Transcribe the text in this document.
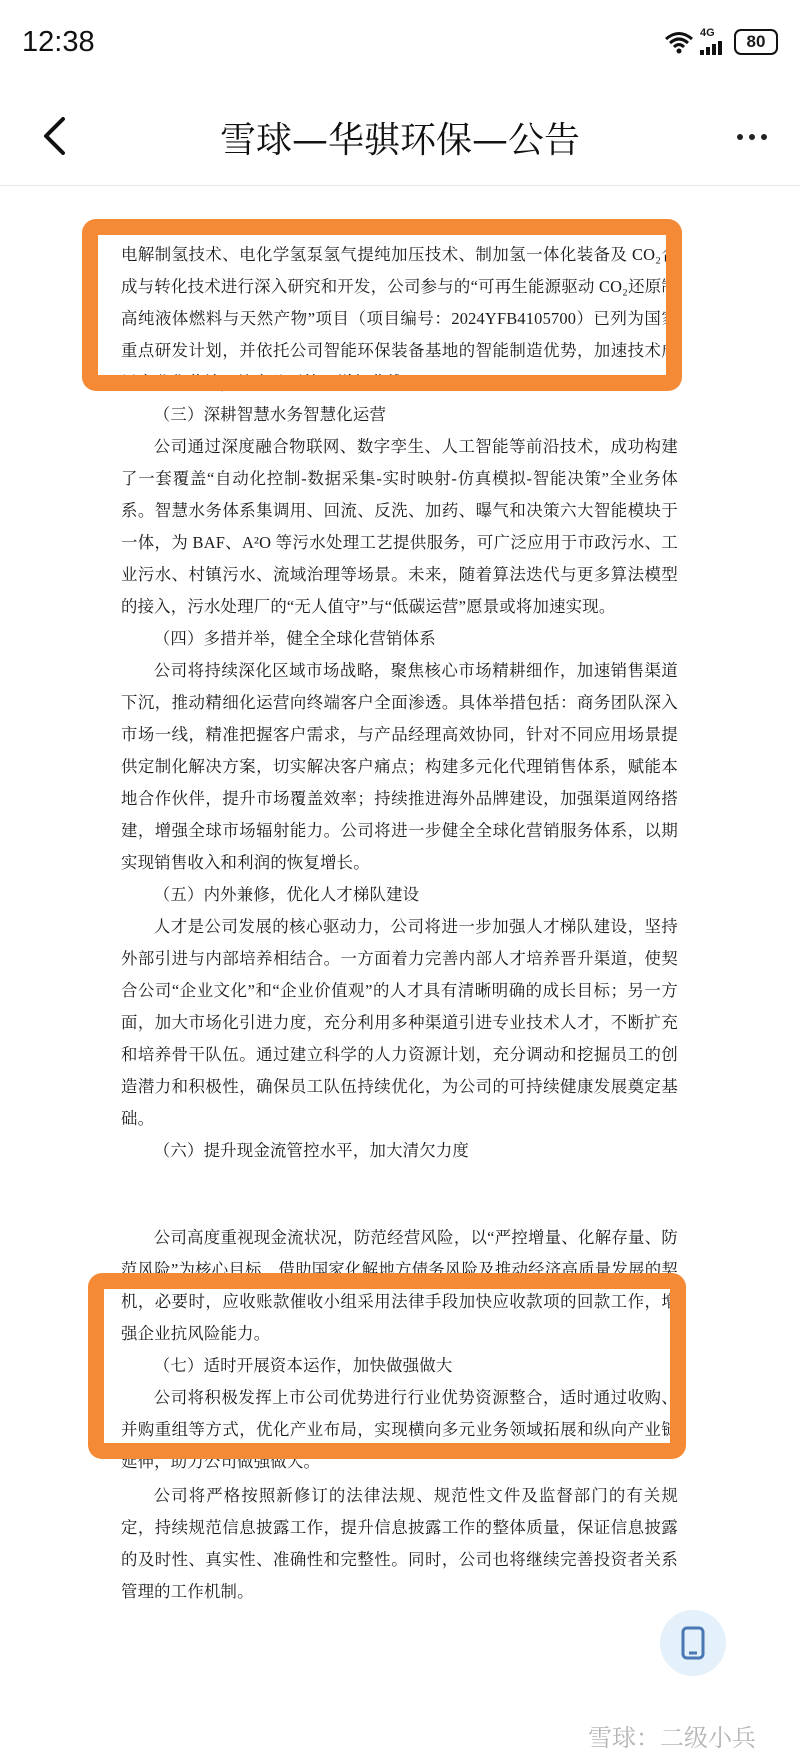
12:38	4G 80
雪球—华骐环保—公告

电解制氢技术、电化学氢泵氢气提纯加压技术、制加氢一体化装备及 CO₂合成与转化技术进行深入研究和开发，公司参与的“可再生能源驱动 CO₂还原制高纯液体燃料与天然产物”项目（项目编号：2024YFB4105700）已列为国家重点研发计划，并依托公司智能环保装备基地的智能制造优势，加速技术成果产业化落地，培育公司第二增长曲线。

（三）深耕智慧水务智慧化运营

公司通过深度融合物联网、数字孪生、人工智能等前沿技术，成功构建了一套覆盖“自动化控制-数据采集-实时映射-仿真模拟-智能决策”全业务体系。智慧水务体系集调用、回流、反洗、加药、曝气和决策六大智能模块于一体，为 BAF、A²O 等污水处理工艺提供服务，可广泛应用于市政污水、工业污水、村镇污水、流域治理等场景。未来，随着算法迭代与更多算法模型的接入，污水处理厂的“无人值守”与“低碳运营”愿景或将加速实现。

（四）多措并举，健全全球化营销体系

公司将持续深化区域市场战略，聚焦核心市场精耕细作，加速销售渠道下沉，推动精细化运营向终端客户全面渗透。具体举措包括：商务团队深入市场一线，精准把握客户需求，与产品经理高效协同，针对不同应用场景提供定制化解决方案，切实解决客户痛点；构建多元化代理销售体系，赋能本地合作伙伴，提升市场覆盖效率；持续推进海外品牌建设，加强渠道网络搭建，增强全球市场辐射能力。公司将进一步健全全球化营销服务体系，以期实现销售收入和利润的恢复增长。

（五）内外兼修，优化人才梯队建设

人才是公司发展的核心驱动力，公司将进一步加强人才梯队建设，坚持外部引进与内部培养相结合。一方面着力完善内部人才培养晋升渠道，使契合公司“企业文化”和“企业价值观”的人才具有清晰明确的成长目标；另一方面，加大市场化引进力度，充分利用多种渠道引进专业技术人才，不断扩充和培养骨干队伍。通过建立科学的人力资源计划，充分调动和挖掘员工的创造潜力和积极性，确保员工队伍持续优化，为公司的可持续健康发展奠定基础。

（六）提升现金流管控水平，加大清欠力度

公司高度重视现金流状况，防范经营风险，以“严控增量、化解存量、防范风险”为核心目标，借助国家化解地方债务风险及推动经济高质量发展的契机，必要时，应收账款催收小组采用法律手段加快应收款项的回款工作，增强企业抗风险能力。

（七）适时开展资本运作，加快做强做大

公司将积极发挥上市公司优势进行行业优势资源整合，适时通过收购、并购重组等方式，优化产业布局，实现横向多元业务领域拓展和纵向产业链延伸，助力公司做强做大。

公司将严格按照新修订的法律法规、规范性文件及监督部门的有关规定，持续规范信息披露工作，提升信息披露工作的整体质量，保证信息披露的及时性、真实性、准确性和完整性。同时，公司也将继续完善投资者关系管理的工作机制。

雪球：二级小兵
